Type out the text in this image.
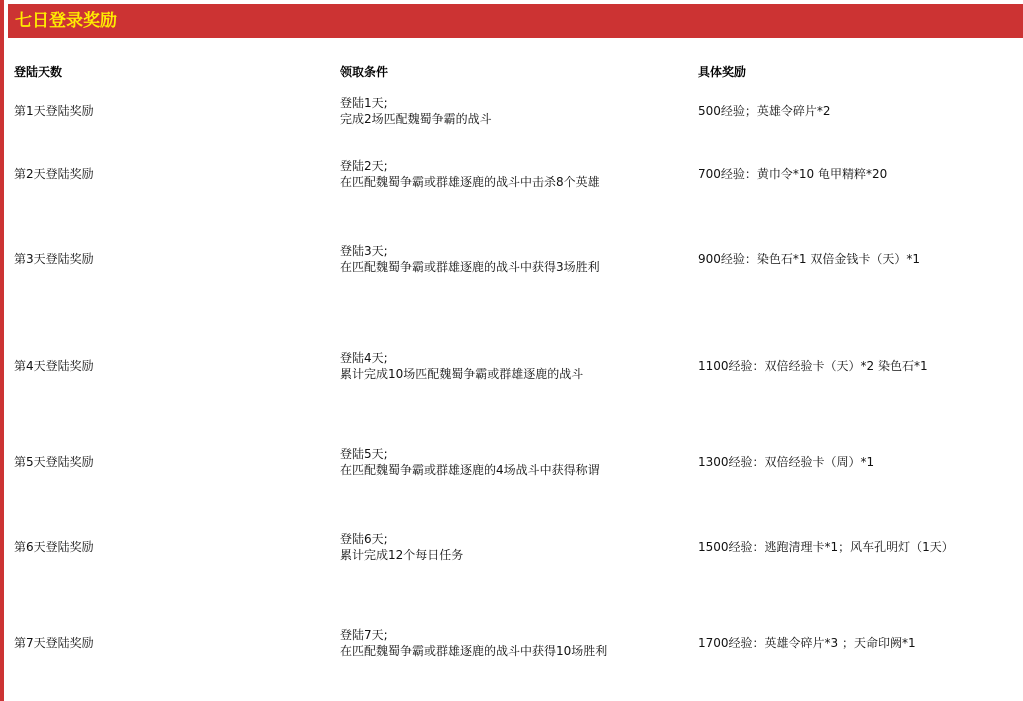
七日登录奖励
登陆天数	领取条件	具体奖励
第1天登陆奖励
登陆1天;
完成2场匹配魏蜀争霸的战斗
500经验；英雄令碎片*2
第2天登陆奖励
登陆2天;
在匹配魏蜀争霸或群雄逐鹿的战斗中击杀8个英雄
700经验：黄巾令*10 龟甲精粹*20
第3天登陆奖励
登陆3天;
在匹配魏蜀争霸或群雄逐鹿的战斗中获得3场胜利
900经验：染色石*1 双倍金钱卡（天）*1
第4天登陆奖励
登陆4天;
累计完成10场匹配魏蜀争霸或群雄逐鹿的战斗
1100经验：双倍经验卡（天）*2 染色石*1
第5天登陆奖励
登陆5天;
在匹配魏蜀争霸或群雄逐鹿的4场战斗中获得称谓
1300经验：双倍经验卡（周）*1
第6天登陆奖励
登陆6天;
累计完成12个每日任务
1500经验：逃跑清理卡*1；风车孔明灯（1天）
第7天登陆奖励
登陆7天;
在匹配魏蜀争霸或群雄逐鹿的战斗中获得10场胜利
1700经验：英雄令碎片*3 ；天命印阙*1
